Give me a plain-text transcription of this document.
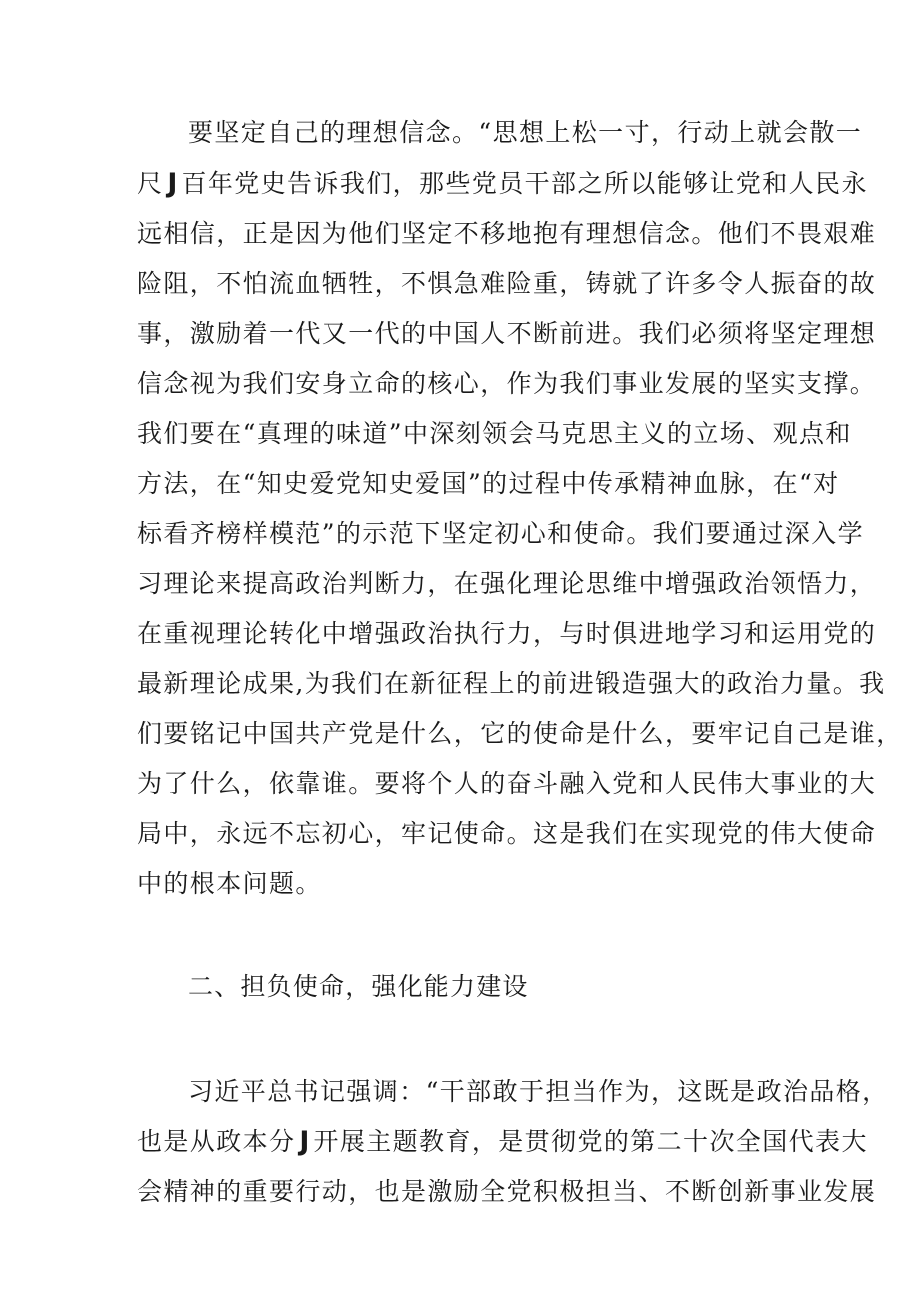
要坚定自己的理想信念。“思想上松一寸，行动上就会散一
尺 J 百年党史告诉我们，那些党员干部之所以能够让党和人民永
远相信，正是因为他们坚定不移地抱有理想信念。他们不畏艰难
险阻，不怕流血牺牲，不惧急难险重，铸就了许多令人振奋的故
事，激励着一代又一代的中国人不断前进。我们必须将坚定理想
信念视为我们安身立命的核心，作为我们事业发展的坚实支撑。
我们要在“真理的味道”中深刻领会马克思主义的立场、观点和
方法，在“知史爱党知史爱国”的过程中传承精神血脉，在“对
标看齐榜样模范”的示范下坚定初心和使命。我们要通过深入学
习理论来提高政治判断力，在强化理论思维中增强政治领悟力，
在重视理论转化中增强政治执行力，与时俱进地学习和运用党的
最新理论成果,为我们在新征程上的前进锻造强大的政治力量。我
们要铭记中国共产党是什么，它的使命是什么，要牢记自己是谁，
为了什么，依靠谁。要将个人的奋斗融入党和人民伟大事业的大
局中，永远不忘初心，牢记使命。这是我们在实现党的伟大使命
中的根本问题。
二、担负使命，强化能力建设
习近平总书记强调：“干部敢于担当作为，这既是政治品格，
也是从政本分 J 开展主题教育，是贯彻党的第二十次全国代表大
会精神的重要行动，也是激励全党积极担当、不断创新事业发展
